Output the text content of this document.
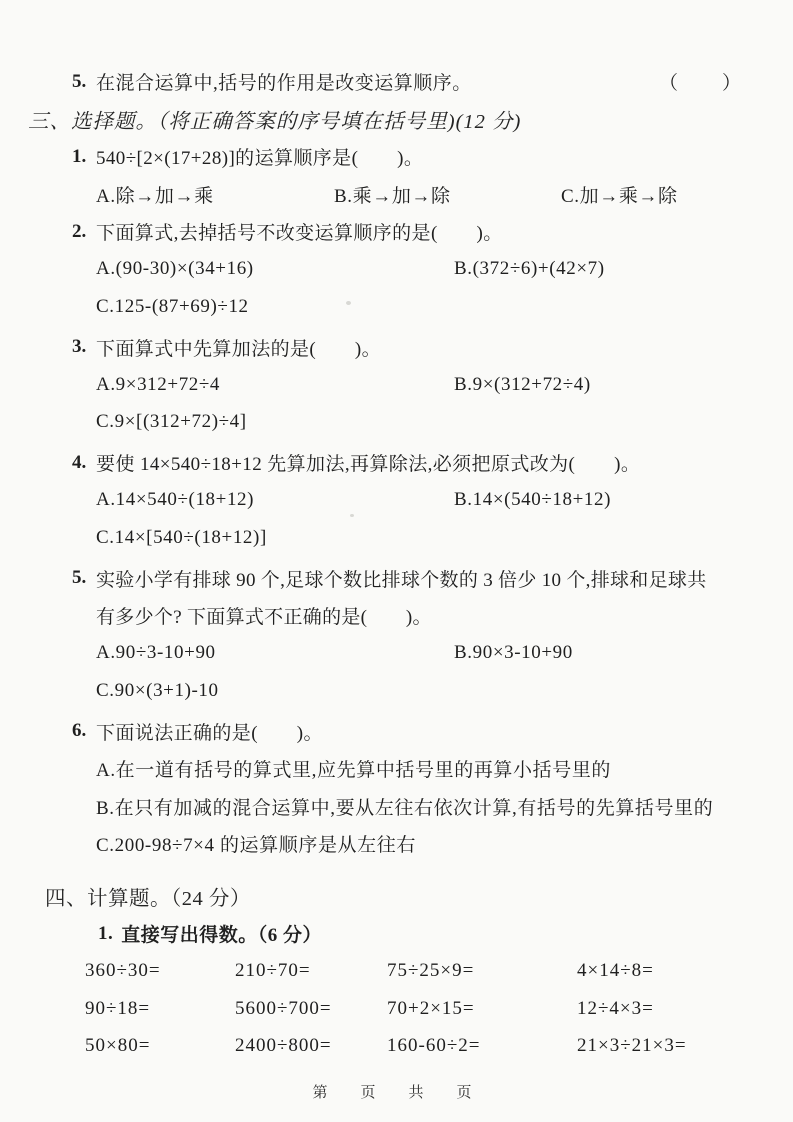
5. 在混合运算中,括号的作用是改变运算顺序。	（　　）
三、选择题。（将正确答案的序号填在括号里)(12 分)
1. 540÷[2×(17+28)]的运算顺序是(　　)。
A.除→加→乘	B.乘→加→除	C.加→乘→除
2. 下面算式,去掉括号不改变运算顺序的是(　　)。
A.(90-30)×(34+16)	B.(372÷6)+(42×7)
C.125-(87+69)÷12
3. 下面算式中先算加法的是(　　)。
A.9×312+72÷4	B.9×(312+72÷4)
C.9×[(312+72)÷4]
4. 要使 14×540÷18+12 先算加法,再算除法,必须把原式改为(　　)。
A.14×540÷(18+12)	B.14×(540÷18+12)
C.14×[540÷(18+12)]
5. 实验小学有排球 90 个,足球个数比排球个数的 3 倍少 10 个,排球和足球共
有多少个? 下面算式不正确的是(　　)。
A.90÷3-10+90	B.90×3-10+90
C.90×(3+1)-10
6. 下面说法正确的是(　　)。
A.在一道有括号的算式里,应先算中括号里的再算小括号里的
B.在只有加减的混合运算中,要从左往右依次计算,有括号的先算括号里的
C.200-98÷7×4 的运算顺序是从左往右
四、计算题。（24 分）
1. 直接写出得数。（6 分）
360÷30=	210÷70=	75÷25×9=	4×14÷8=
90÷18=	5600÷700=	70+2×15=	12÷4×3=
50×80=	2400÷800=	160-60÷2=	21×3÷21×3=
第　页　共　页
